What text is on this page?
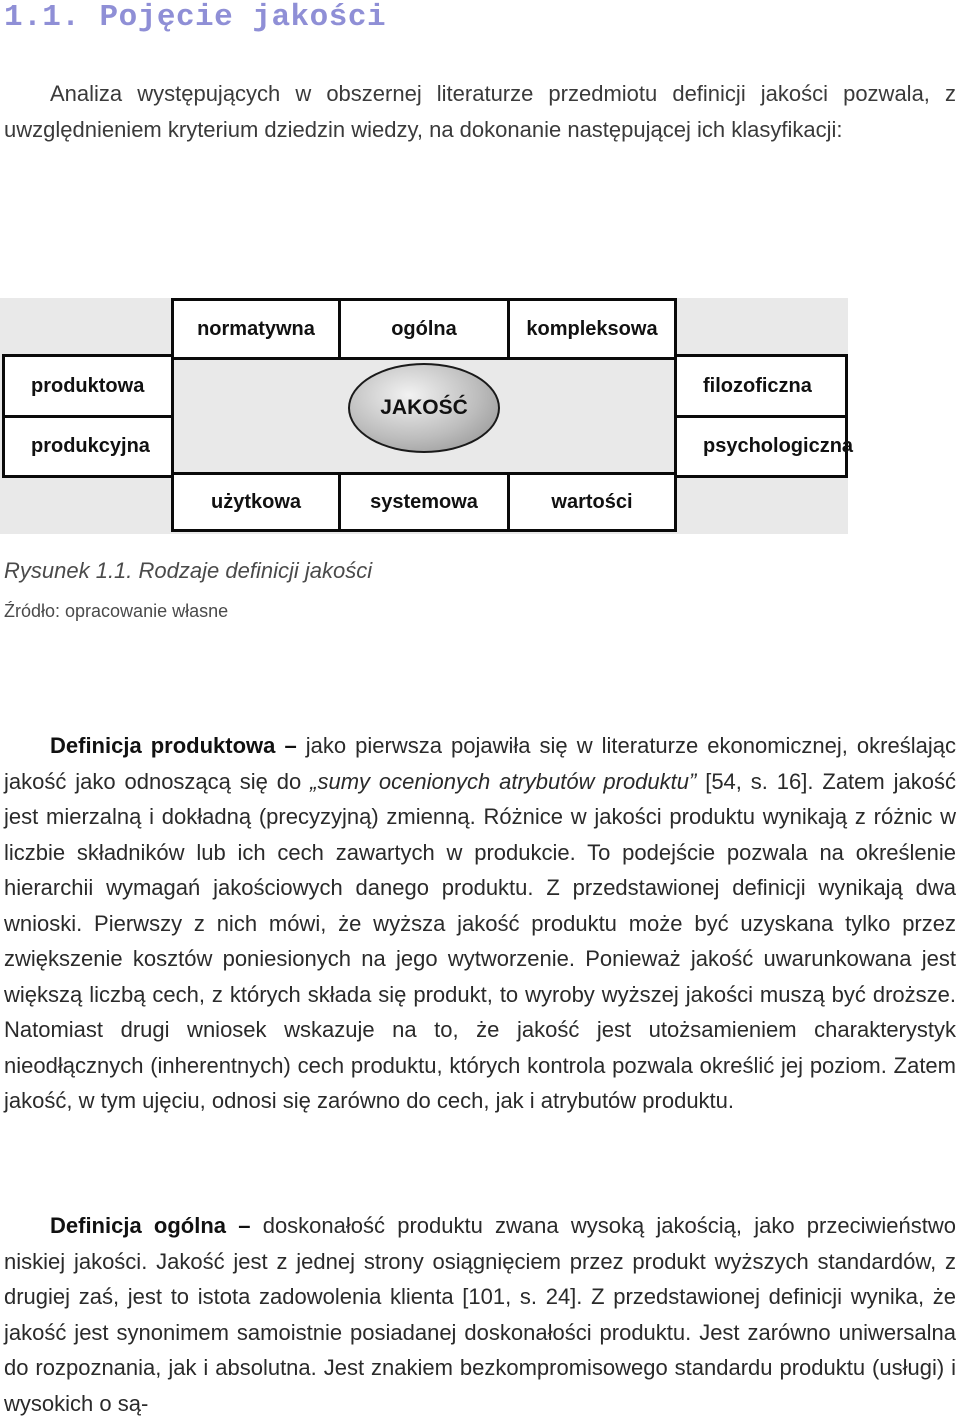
1.1. Pojęcie jakości

Analiza występujących w obszernej literaturze przedmiotu definicji jakości pozwala, z uwzględnieniem kryterium dziedzin wiedzy, na dokonanie następującej ich klasyfikacji:

normatywna	ogólna	kompleksowa
produktowa
produkcyjna
filozoficzna
psychologiczna
użytkowa	systemowa	wartości
JAKOŚĆ

Rysunek 1.1. Rodzaje definicji jakości

Źródło: opracowanie własne

Definicja produktowa – jako pierwsza pojawiła się w literaturze ekonomicznej, określając jakość jako odnoszącą się do „sumy ocenionych atrybutów produktu” [54, s. 16]. Zatem jakość jest mierzalną i dokładną (precyzyjną) zmienną. Różnice w jakości produktu wynikają z różnic w liczbie składników lub ich cech zawartych w produkcie. To podejście pozwala na określenie hierarchii wymagań jakościowych danego produktu. Z przedstawionej definicji wynikają dwa wnioski. Pierwszy z nich mówi, że wyższa jakość produktu może być uzyskana tylko przez zwiększenie kosztów poniesionych na jego wytworzenie. Ponieważ jakość uwarunkowana jest większą liczbą cech, z których składa się produkt, to wyroby wyższej jakości muszą być droższe. Natomiast drugi wniosek wskazuje na to, że jakość jest utożsamieniem charakterystyk nieodłącznych (inherentnych) cech produktu, których kontrola pozwala określić jej poziom. Zatem jakość, w tym ujęciu, odnosi się zarówno do cech, jak i atrybutów produktu.

Definicja ogólna – doskonałość produktu zwana wysoką jakością, jako przeciwieństwo niskiej jakości. Jakość jest z jednej strony osiągnięciem przez produkt wyższych standardów, z drugiej zaś, jest to istota zadowolenia klienta [101, s. 24]. Z przedstawionej definicji wynika, że jakość jest synonimem samoistnie posiadanej doskonałości produktu. Jest zarówno uniwersalna do rozpoznania, jak i absolutna. Jest znakiem bezkompromisowego standardu produktu (usługi) i wysokich o są-
